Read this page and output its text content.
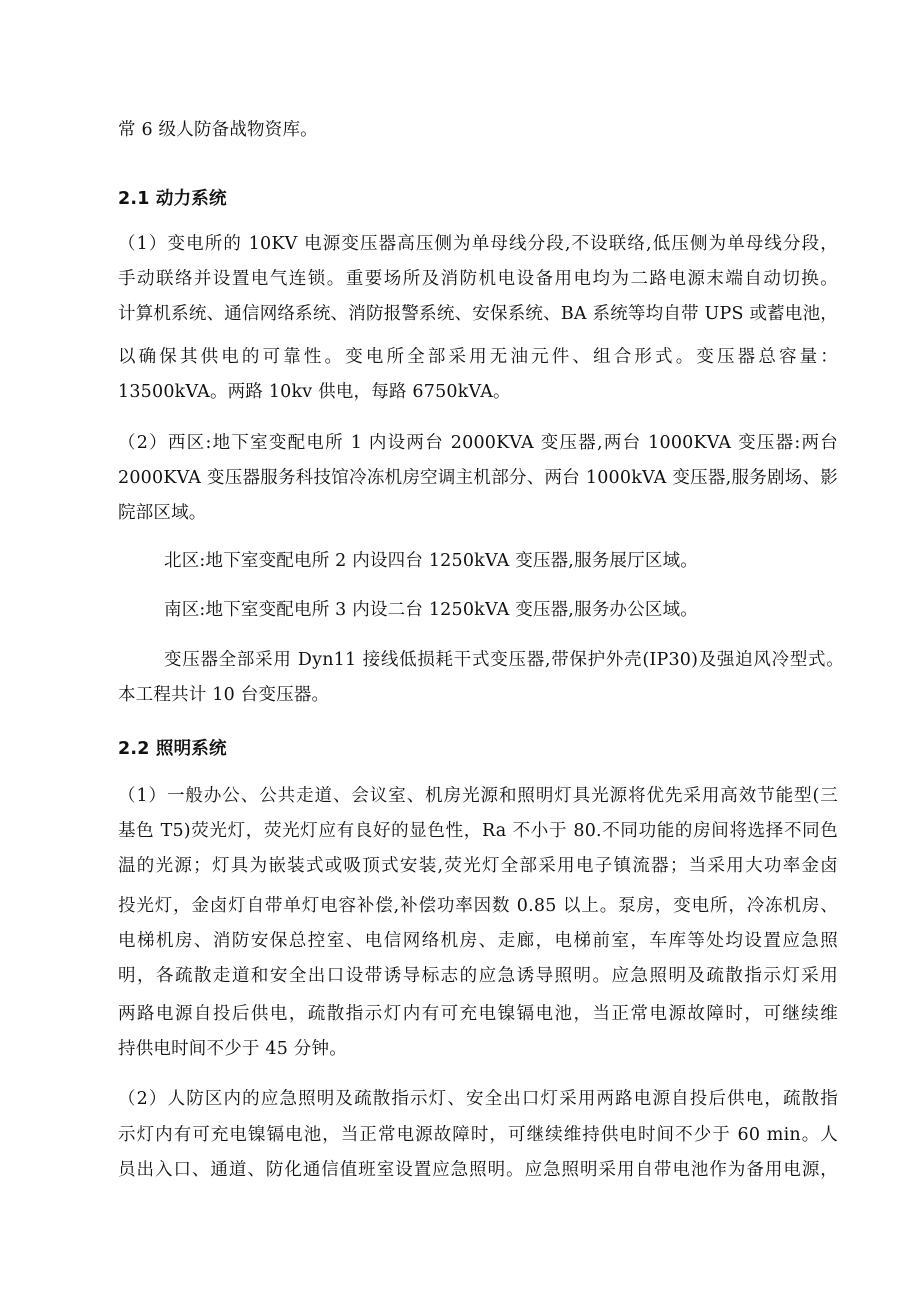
常 6 级人防备战物资库。
2.1 动力系统
（1）变电所的 10KV 电源变压器高压侧为单母线分段,不设联络,低压侧为单母线分段，
手动联络并设置电气连锁。重要场所及消防机电设备用电均为二路电源末端自动切换。
计算机系统、通信网络系统、消防报警系统、安保系统、BA 系统等均自带 UPS 或蓄电池，
以确保其供电的可靠性。变电所全部采用无油元件、组合形式。变压器总容量：
13500kVA。两路 10kv 供电，每路 6750kVA。
（2）西区:地下室变配电所 1 内设两台 2000KVA 变压器,两台 1000KVA 变压器:两台
2000KVA 变压器服务科技馆冷冻机房空调主机部分、两台 1000kVA 变压器,服务剧场、影
院部区域。
北区:地下室变配电所 2 内设四台 1250kVA 变压器,服务展厅区域。
南区:地下室变配电所 3 内设二台 1250kVA 变压器,服务办公区域。
变压器全部采用 Dyn11 接线低损耗干式变压器,带保护外壳(IP30)及强迫风冷型式。
本工程共计 10 台变压器。
2.2 照明系统
（1）一般办公、公共走道、会议室、机房光源和照明灯具光源将优先采用高效节能型(三
基色 T5)荧光灯，荧光灯应有良好的显色性，Ra 不小于 80.不同功能的房间将选择不同色
温的光源；灯具为嵌装式或吸顶式安装,荧光灯全部采用电子镇流器；当采用大功率金卤
投光灯，金卤灯自带单灯电容补偿,补偿功率因数 0.85 以上。泵房，变电所，冷冻机房、
电梯机房、消防安保总控室、电信网络机房、走廊，电梯前室，车库等处均设置应急照
明，各疏散走道和安全出口设带诱导标志的应急诱导照明。应急照明及疏散指示灯采用
两路电源自投后供电，疏散指示灯内有可充电镍镉电池，当正常电源故障时，可继续维
持供电时间不少于 45 分钟。
（2）人防区内的应急照明及疏散指示灯、安全出口灯采用两路电源自投后供电，疏散指
示灯内有可充电镍镉电池，当正常电源故障时，可继续维持供电时间不少于 60 min。人
员出入口、通道、防化通信值班室设置应急照明。应急照明采用自带电池作为备用电源，
